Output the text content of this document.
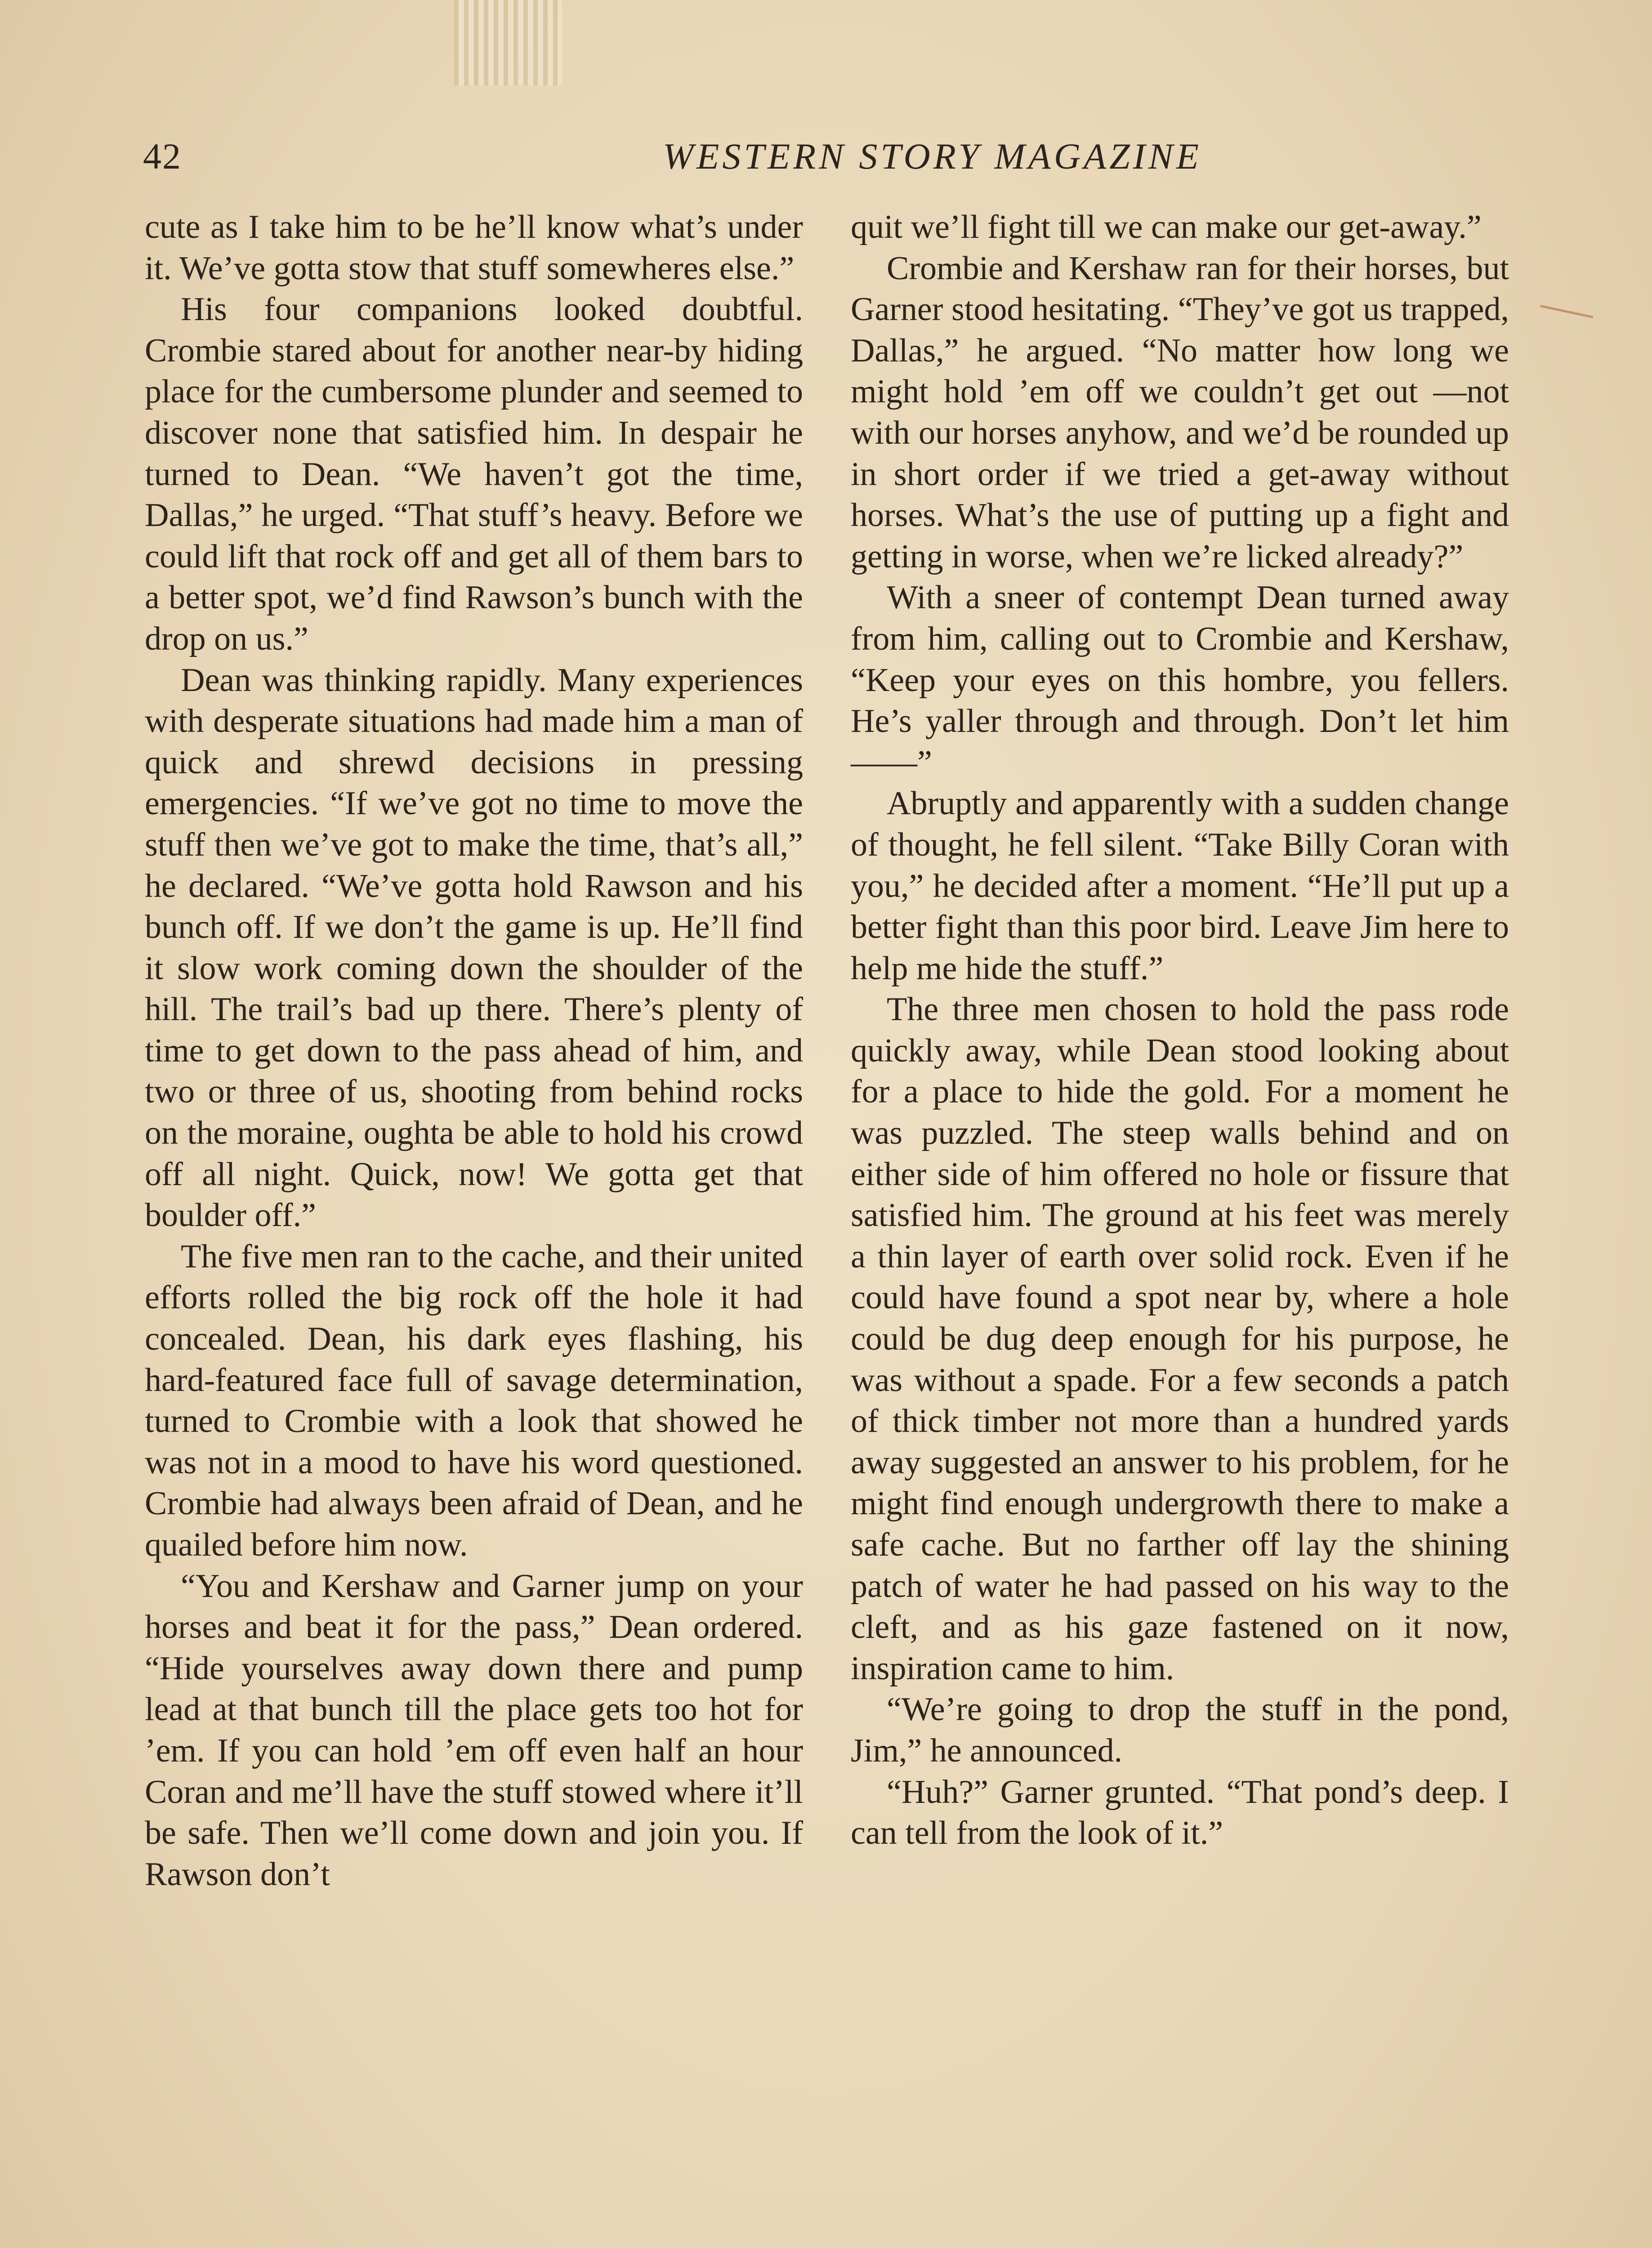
42	WESTERN STORY MAGAZINE

cute as I take him to be he’ll know what’s under it. We’ve gotta stow that stuff somewheres else.”

His four companions looked doubtful. Crombie stared about for another near-by hiding place for the cumbersome plunder and seemed to discover none that satisfied him. In despair he turned to Dean. “We haven’t got the time, Dallas,” he urged. “That stuff’s heavy. Before we could lift that rock off and get all of them bars to a better spot, we’d find Rawson’s bunch with the drop on us.”

Dean was thinking rapidly. Many experiences with desperate situations had made him a man of quick and shrewd decisions in pressing emergencies. “If we’ve got no time to move the stuff then we’ve got to make the time, that’s all,” he declared. “We’ve gotta hold Rawson and his bunch off. If we don’t the game is up. He’ll find it slow work coming down the shoulder of the hill. The trail’s bad up there. There’s plenty of time to get down to the pass ahead of him, and two or three of us, shooting from behind rocks on the moraine, oughta be able to hold his crowd off all night. Quick, now! We gotta get that boulder off.”

The five men ran to the cache, and their united efforts rolled the big rock off the hole it had concealed. Dean, his dark eyes flashing, his hard-featured face full of savage determination, turned to Crombie with a look that showed he was not in a mood to have his word questioned. Crombie had always been afraid of Dean, and he quailed before him now.

“You and Kershaw and Garner jump on your horses and beat it for the pass,” Dean ordered. “Hide yourselves away down there and pump lead at that bunch till the place gets too hot for ’em. If you can hold ’em off even half an hour Coran and me’ll have the stuff stowed where it’ll be safe. Then we’ll come down and join you. If Rawson don’t

quit we’ll fight till we can make our get-away.”

Crombie and Kershaw ran for their horses, but Garner stood hesitating. “They’ve got us trapped, Dallas,” he argued. “No matter how long we might hold ’em off we couldn’t get out —not with our horses anyhow, and we’d be rounded up in short order if we tried a get-away without horses. What’s the use of putting up a fight and getting in worse, when we’re licked already?”

With a sneer of contempt Dean turned away from him, calling out to Crombie and Kershaw, “Keep your eyes on this hombre, you fellers. He’s yaller through and through. Don’t let him——”

Abruptly and apparently with a sudden change of thought, he fell silent. “Take Billy Coran with you,” he decided after a moment. “He’ll put up a better fight than this poor bird. Leave Jim here to help me hide the stuff.”

The three men chosen to hold the pass rode quickly away, while Dean stood looking about for a place to hide the gold. For a moment he was puzzled. The steep walls behind and on either side of him offered no hole or fissure that satisfied him. The ground at his feet was merely a thin layer of earth over solid rock. Even if he could have found a spot near by, where a hole could be dug deep enough for his purpose, he was without a spade. For a few seconds a patch of thick timber not more than a hundred yards away suggested an answer to his problem, for he might find enough undergrowth there to make a safe cache. But no farther off lay the shining patch of water he had passed on his way to the cleft, and as his gaze fastened on it now, inspiration came to him.

“We’re going to drop the stuff in the pond, Jim,” he announced.

“Huh?” Garner grunted. “That pond’s deep. I can tell from the look of it.”
